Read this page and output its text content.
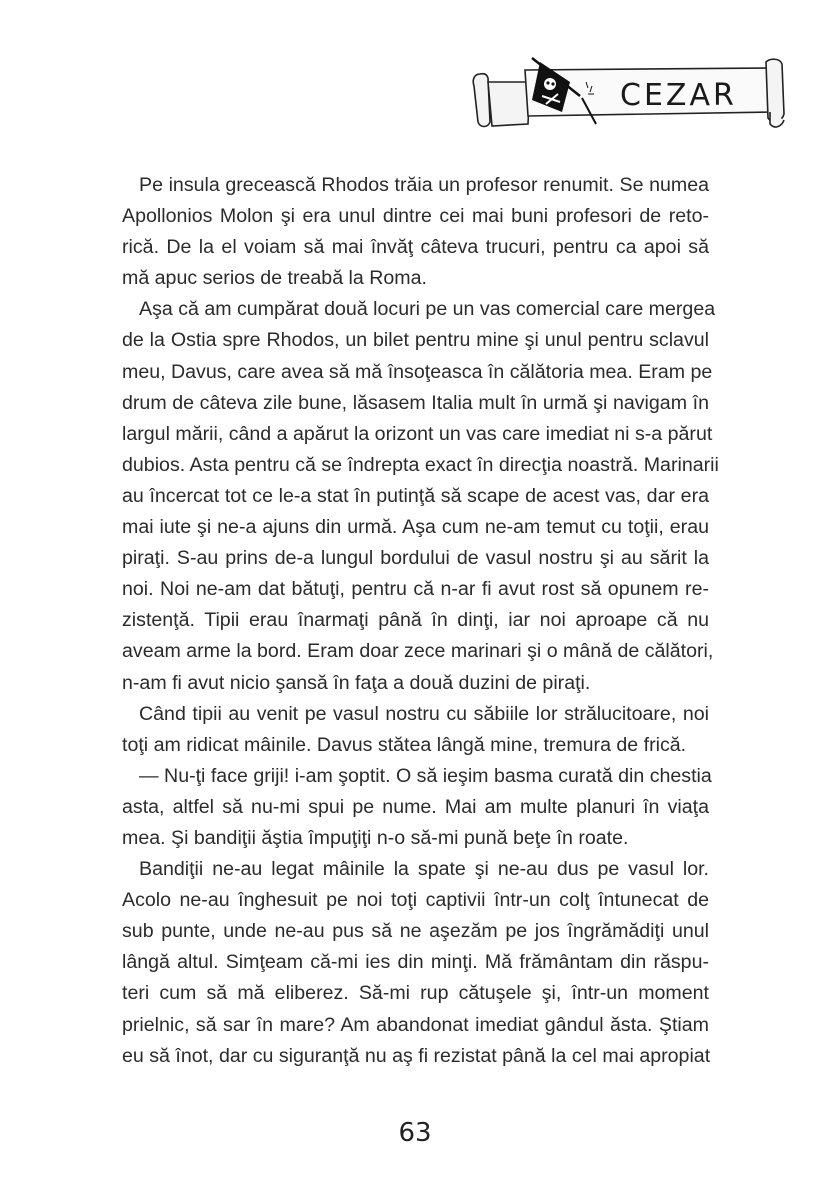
CEZAR
Pe insula grecească Rhodos trăia un profesor renumit. Se numea
Apollonios Molon şi era unul dintre cei mai buni profesori de reto-
rică. De la el voiam să mai învăţ câteva trucuri, pentru ca apoi să
mă apuc serios de treabă la Roma.
Aşa că am cumpărat două locuri pe un vas comercial care mergea
de la Ostia spre Rhodos, un bilet pentru mine şi unul pentru sclavul
meu, Davus, care avea să mă însoţeasca în călătoria mea. Eram pe
drum de câteva zile bune, lăsasem Italia mult în urmă şi navigam în
largul mării, când a apărut la orizont un vas care imediat ni s-a părut
dubios. Asta pentru că se îndrepta exact în direcţia noastră. Marinarii
au încercat tot ce le-a stat în putinţă să scape de acest vas, dar era
mai iute şi ne-a ajuns din urmă. Aşa cum ne-am temut cu toţii, erau
piraţi. S-au prins de-a lungul bordului de vasul nostru şi au sărit la
noi. Noi ne-am dat bătuţi, pentru că n-ar fi avut rost să opunem re-
zistenţă. Tipii erau înarmaţi până în dinţi, iar noi aproape că nu
aveam arme la bord. Eram doar zece marinari şi o mână de călători,
n-am fi avut nicio şansă în faţa a două duzini de piraţi.
Când tipii au venit pe vasul nostru cu săbiile lor strălucitoare, noi
toţi am ridicat mâinile. Davus stătea lângă mine, tremura de frică.
— Nu-ţi face griji! i-am şoptit. O să ieşim basma curată din chestia
asta, altfel să nu-mi spui pe nume. Mai am multe planuri în viaţa
mea. Şi bandiţii ăştia împuţiţi n-o să-mi pună beţe în roate.
Bandiţii ne-au legat mâinile la spate şi ne-au dus pe vasul lor.
Acolo ne-au înghesuit pe noi toţi captivii într-un colţ întunecat de
sub punte, unde ne-au pus să ne aşezăm pe jos îngrămădiţi unul
lângă altul. Simţeam că-mi ies din minţi. Mă frământam din răspu-
teri cum să mă eliberez. Să-mi rup cătuşele şi, într-un moment
prielnic, să sar în mare? Am abandonat imediat gândul ăsta. Ştiam
eu să înot, dar cu siguranţă nu aş fi rezistat până la cel mai apropiat
63
